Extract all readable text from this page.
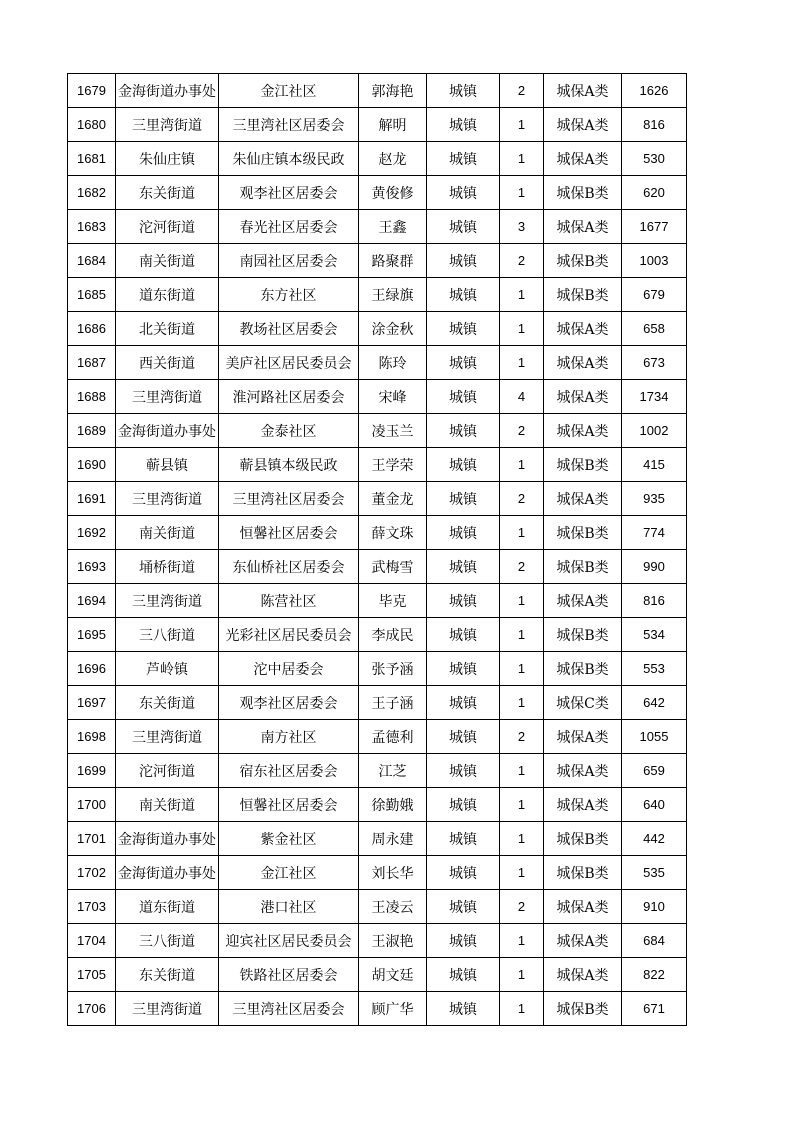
1679	金海街道办事处	金江社区	郭海艳	城镇	2	城保A类	1626
1680	三里湾街道	三里湾社区居委会	解明	城镇	1	城保A类	816
1681	朱仙庄镇	朱仙庄镇本级民政	赵龙	城镇	1	城保A类	530
1682	东关街道	观李社区居委会	黄俊修	城镇	1	城保B类	620
1683	沱河街道	春光社区居委会	王鑫	城镇	3	城保A类	1677
1684	南关街道	南园社区居委会	路聚群	城镇	2	城保B类	1003
1685	道东街道	东方社区	王绿旗	城镇	1	城保B类	679
1686	北关街道	教场社区居委会	涂金秋	城镇	1	城保A类	658
1687	西关街道	美庐社区居民委员会	陈玲	城镇	1	城保A类	673
1688	三里湾街道	淮河路社区居委会	宋峰	城镇	4	城保A类	1734
1689	金海街道办事处	金泰社区	凌玉兰	城镇	2	城保A类	1002
1690	蕲县镇	蕲县镇本级民政	王学荣	城镇	1	城保B类	415
1691	三里湾街道	三里湾社区居委会	董金龙	城镇	2	城保A类	935
1692	南关街道	恒馨社区居委会	薛文珠	城镇	1	城保B类	774
1693	埇桥街道	东仙桥社区居委会	武梅雪	城镇	2	城保B类	990
1694	三里湾街道	陈营社区	毕克	城镇	1	城保A类	816
1695	三八街道	光彩社区居民委员会	李成民	城镇	1	城保B类	534
1696	芦岭镇	沱中居委会	张予涵	城镇	1	城保B类	553
1697	东关街道	观李社区居委会	王子涵	城镇	1	城保C类	642
1698	三里湾街道	南方社区	孟德利	城镇	2	城保A类	1055
1699	沱河街道	宿东社区居委会	江芝	城镇	1	城保A类	659
1700	南关街道	恒馨社区居委会	徐勤娥	城镇	1	城保A类	640
1701	金海街道办事处	紫金社区	周永建	城镇	1	城保B类	442
1702	金海街道办事处	金江社区	刘长华	城镇	1	城保B类	535
1703	道东街道	港口社区	王凌云	城镇	2	城保A类	910
1704	三八街道	迎宾社区居民委员会	王淑艳	城镇	1	城保A类	684
1705	东关街道	铁路社区居委会	胡文廷	城镇	1	城保A类	822
1706	三里湾街道	三里湾社区居委会	顾广华	城镇	1	城保B类	671
